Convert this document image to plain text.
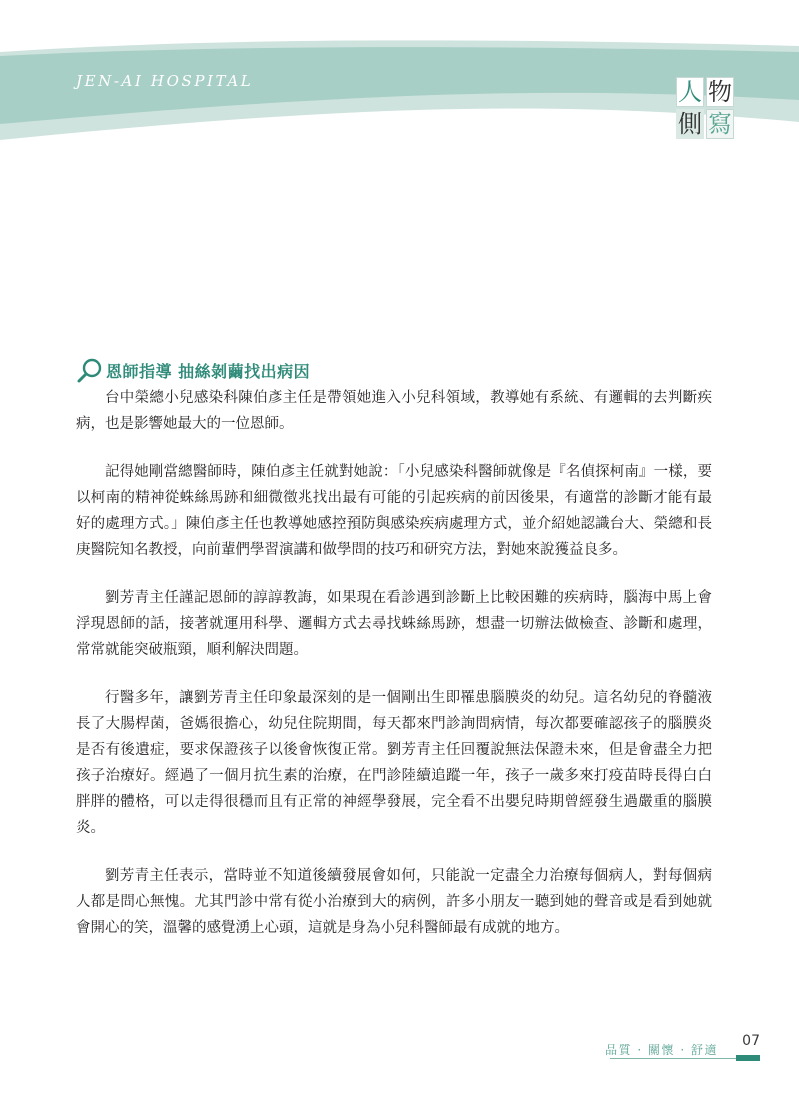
JEN-AI HOSPITAL	人 物
側 寫
恩師指導 抽絲剝繭找出病因

台中榮總小兒感染科陳伯彥主任是帶領她進入小兒科領域，教導她有系統、有邏輯的去判斷疾病，也是影響她最大的一位恩師。

記得她剛當總醫師時，陳伯彥主任就對她說：「小兒感染科醫師就像是『名偵探柯南』一樣，要以柯南的精神從蛛絲馬跡和細微徵兆找出最有可能的引起疾病的前因後果，有適當的診斷才能有最好的處理方式。」陳伯彥主任也教導她感控預防與感染疾病處理方式，並介紹她認識台大、榮總和長庚醫院知名教授，向前輩們學習演講和做學問的技巧和研究方法，對她來說獲益良多。

劉芳青主任謹記恩師的諄諄教誨，如果現在看診遇到診斷上比較困難的疾病時，腦海中馬上會浮現恩師的話，接著就運用科學、邏輯方式去尋找蛛絲馬跡，想盡一切辦法做檢查、診斷和處理，常常就能突破瓶頸，順利解決問題。

行醫多年，讓劉芳青主任印象最深刻的是一個剛出生即罹患腦膜炎的幼兒。這名幼兒的脊髓液長了大腸桿菌，爸媽很擔心，幼兒住院期間，每天都來門診詢問病情，每次都要確認孩子的腦膜炎是否有後遺症，要求保證孩子以後會恢復正常。劉芳青主任回覆說無法保證未來，但是會盡全力把孩子治療好。經過了一個月抗生素的治療，在門診陸續追蹤一年，孩子一歲多來打疫苗時長得白白胖胖的體格，可以走得很穩而且有正常的神經學發展，完全看不出嬰兒時期曾經發生過嚴重的腦膜炎。

劉芳青主任表示，當時並不知道後續發展會如何，只能說一定盡全力治療每個病人，對每個病人都是問心無愧。尤其門診中常有從小治療到大的病例，許多小朋友一聽到她的聲音或是看到她就會開心的笑，溫馨的感覺湧上心頭，這就是身為小兒科醫師最有成就的地方。

品質 · 關懷 · 舒適
07
